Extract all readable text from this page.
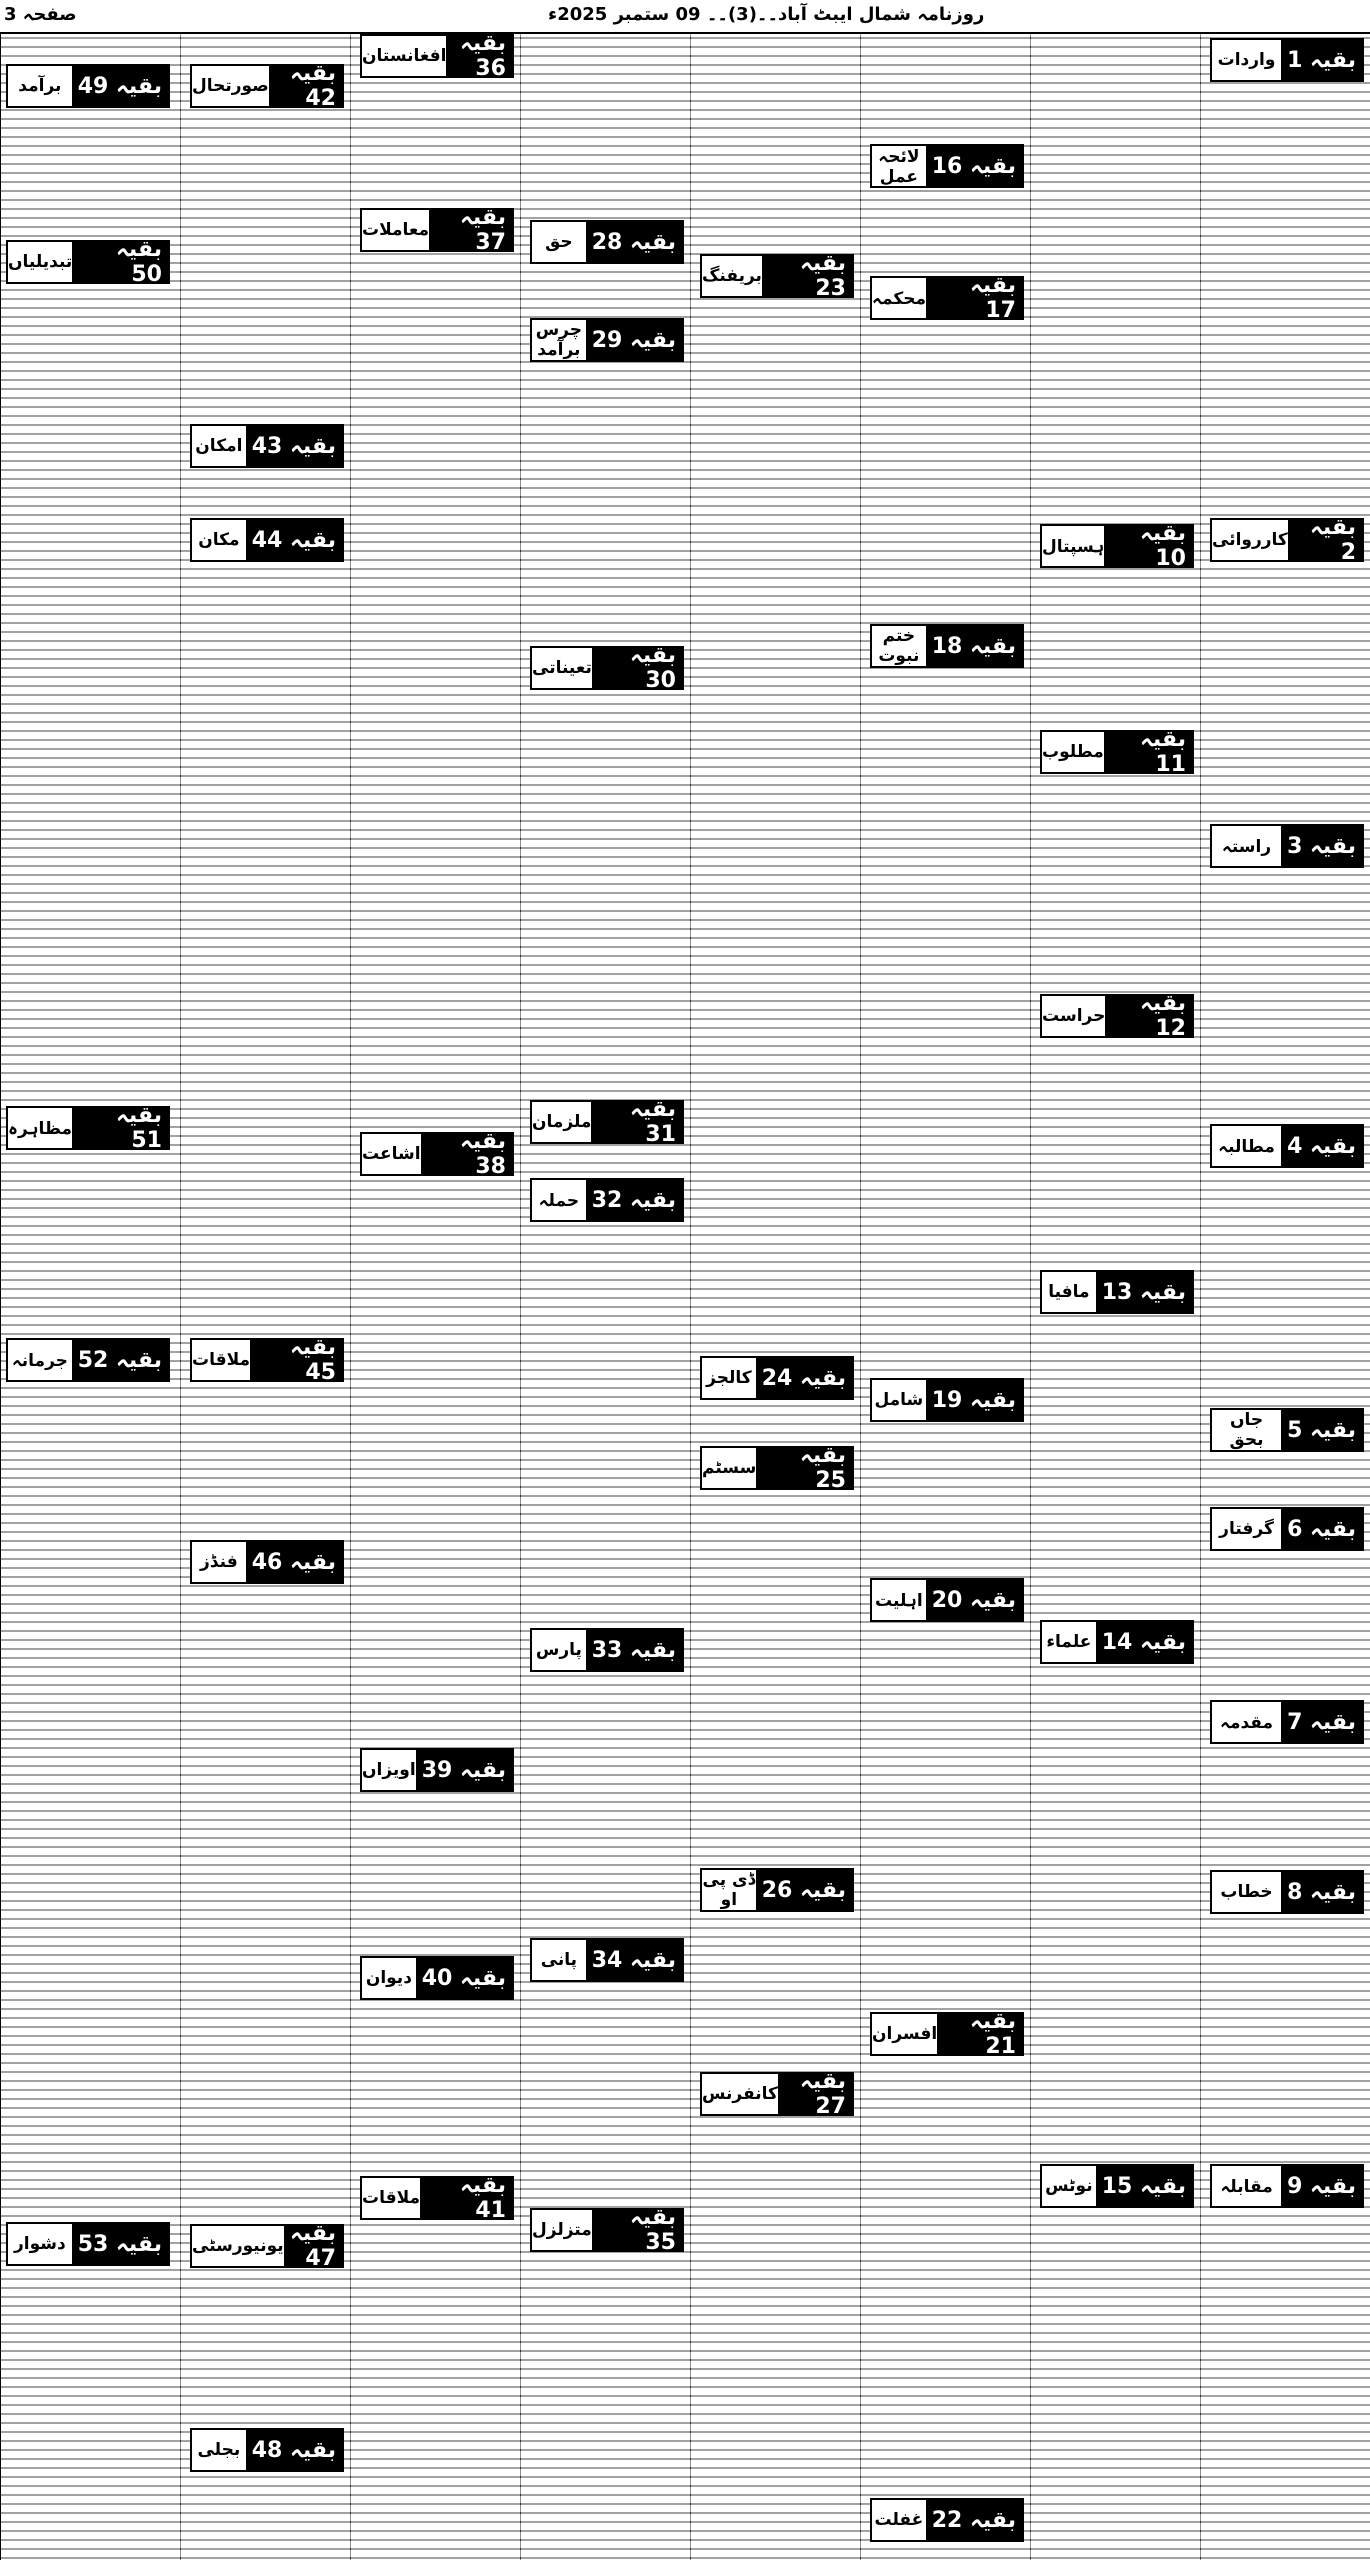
روزنامہ شمال ایبٹ آباد۔۔(3)۔۔ 09 ستمبر 2025ء
صفحہ 3
واردات بقیہ 1
کارروائی	بقیہ 2
راستہ بقیہ 3
مطالبہ بقیہ 4
جاں بحق	بقیہ 5
گرفتار بقیہ 6
مقدمہ بقیہ 7
خطاب بقیہ 8
مقابلہ بقیہ 9
ہسپتال
بقیہ 10
مطلوب	بقیہ 11
حراست	بقیہ 12
مافیا بقیہ 13
علماء بقیہ 14
نوٹس بقیہ 15
لائحہ عمل بقیہ 16
محکمہ
بقیہ 17
ختم نبوت بقیہ 18
شامل بقیہ 19
اہلیت بقیہ 20
افسران	بقیہ 21
غفلت بقیہ 22
بریفنگ	بقیہ 23
کالجز بقیہ 24
سسٹم	بقیہ 25
ڈی پی او	بقیہ 26
کانفرنس	بقیہ 27
حق بقیہ 28
چرس برآمد بقیہ 29
تعیناتی	بقیہ 30
ملزمان	بقیہ 31
حملہ بقیہ 32
پارس بقیہ 33
پانی بقیہ 34
متزلزل	بقیہ 35
افغانستان بقیہ 36
معاملات	بقیہ 37
اشاعت	بقیہ 38
اویزاں بقیہ 39
دیوان بقیہ 40
ملاقات	بقیہ 41
صورتحال بقیہ 42
امکان بقیہ 43
مکان بقیہ 44
ملاقات	بقیہ 45
فنڈز بقیہ 46
یونیورسٹی بقیہ 47
بجلی بقیہ 48
برآمد بقیہ 49
تبدیلیاں	بقیہ 50
مظاہرہ
بقیہ 51
جرمانہ بقیہ 52
دشوار بقیہ 53
